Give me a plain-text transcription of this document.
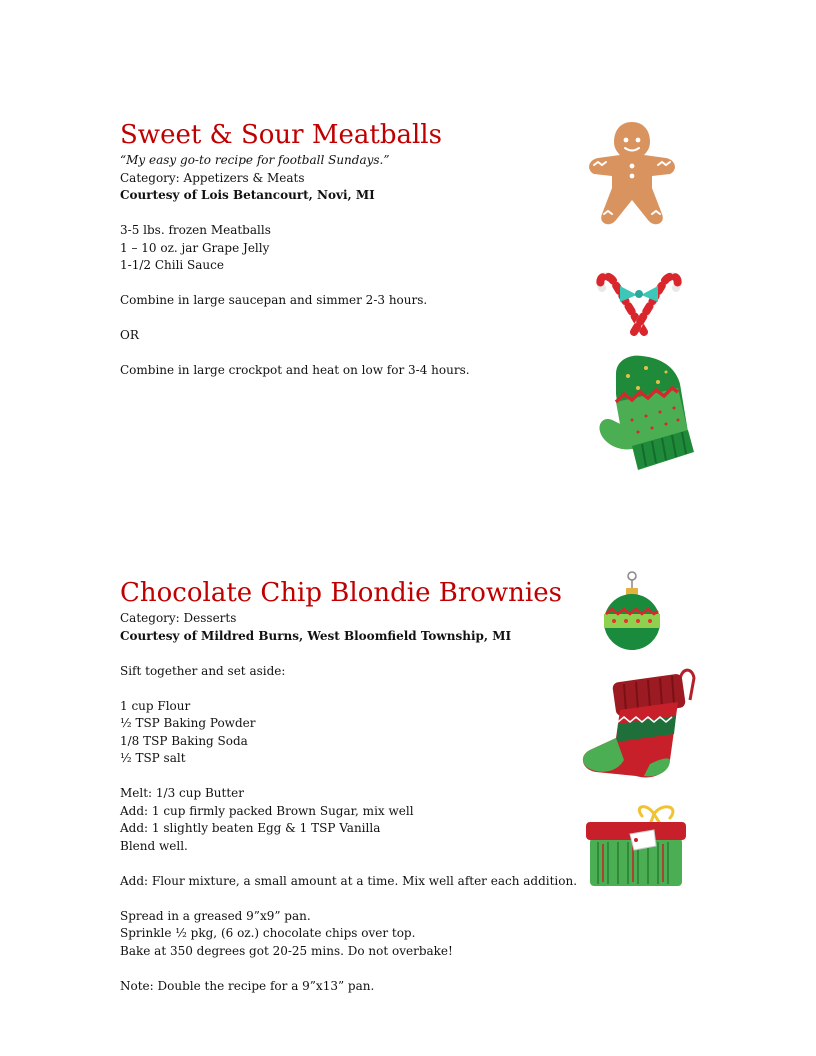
Sweet & Sour Meatballs
“My easy go-to recipe for football Sundays.”
Category: Appetizers & Meats
Courtesy of Lois Betancourt, Novi, MI
3-5 lbs. frozen Meatballs
1 – 10 oz. jar Grape Jelly
1-1/2 Chili Sauce
Combine in large saucepan and simmer 2-3 hours.
OR
Combine in large crockpot and heat on low for 3-4 hours.
Chocolate Chip Blondie Brownies
Category: Desserts
Courtesy of Mildred Burns, West Bloomfield Township, MI
Sift together and set aside:
1 cup Flour
½ TSP Baking Powder
1/8 TSP Baking Soda
½ TSP salt
Melt: 1/3 cup Butter
Add: 1 cup firmly packed Brown Sugar, mix well
Add: 1 slightly beaten Egg & 1 TSP Vanilla
Blend well.
Add: Flour mixture, a small amount at a time. Mix well after each addition.
Spread in a greased 9”x9” pan.
Sprinkle ½ pkg, (6 oz.) chocolate chips over top.
Bake at 350 degrees got 20-25 mins. Do not overbake!
Note: Double the recipe for a 9”x13” pan.
